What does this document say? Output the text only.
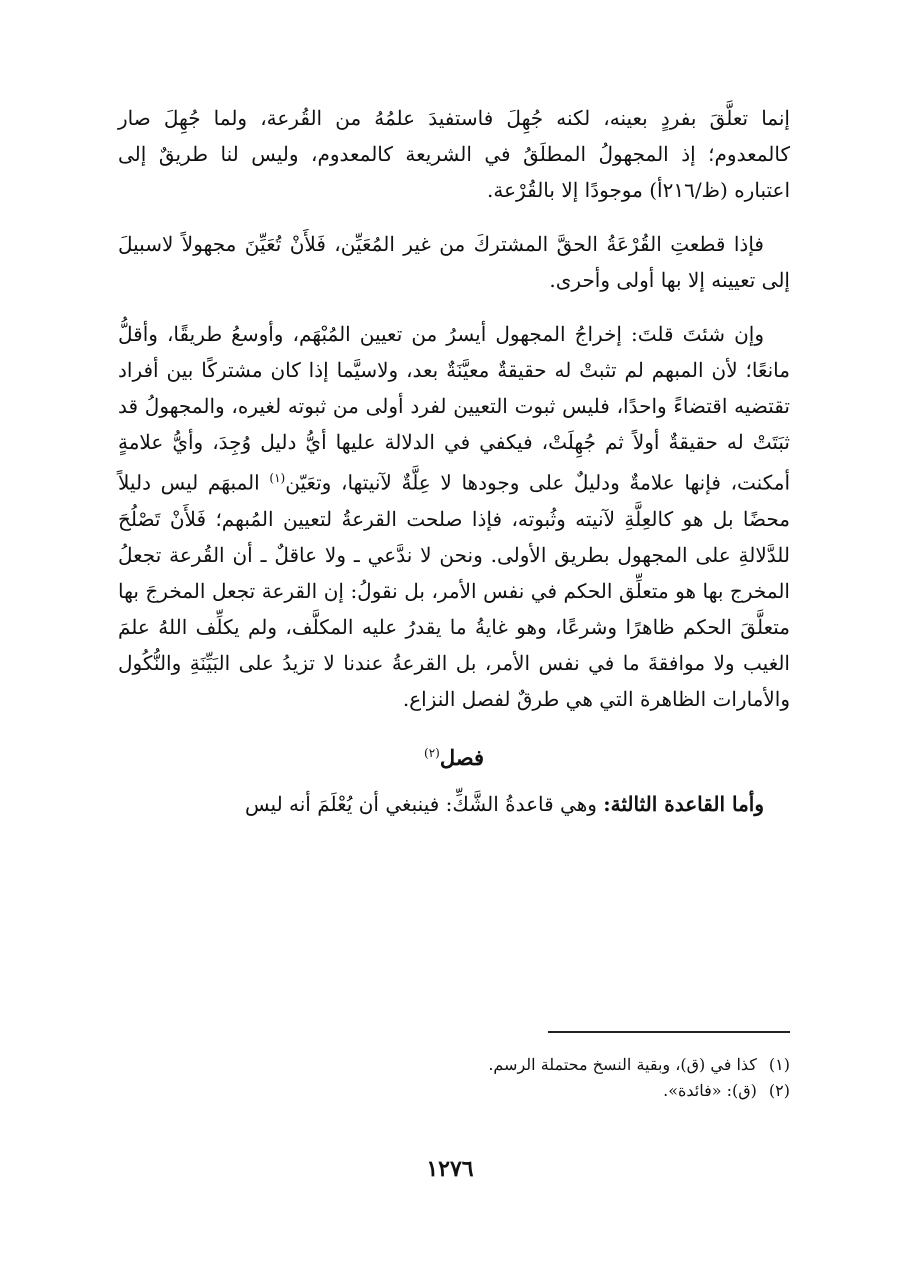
إنما تعلَّقَ بفردٍ بعينه، لكنه جُهِلَ فاستفيدَ علمُهُ من القُرعة، ولما جُهِلَ صار كالمعدوم؛ إذ المجهولُ المطلَقُ في الشريعة كالمعدوم، وليس لنا طريقٌ إلى اعتباره (ظ/٢١٦أ) موجودًا إلا بالقُرْعة.

فإذا قطعتِ القُرْعَةُ الحقَّ المشتركَ من غير المُعَيِّن، فَلأَنْ تُعَيِّنَ مجهولاً لاسبيلَ إلى تعيينه إلا بها أولى وأحرى.

وإن شئتَ قلتَ: إخراجُ المجهول أيسرُ من تعيين المُبْهَم، وأوسعُ طريقًا، وأقلُّ مانعًا؛ لأن المبهم لم تثبتْ له حقيقةٌ معيَّنَةٌ بعد، ولاسيَّما إذا كان مشتركًا بين أفراد تقتضيه اقتضاءً واحدًا، فليس ثبوت التعيين لفرد أولى من ثبوته لغيره، والمجهولُ قد ثبَتَتْ له حقيقةٌ أولاً ثم جُهِلَتْ، فيكفي في الدلالة عليها أيُّ دليل وُجِدَ، وأيُّ علامةٍ أمكنت، فإنها علامةٌ ودليلٌ على وجودها لا عِلَّةٌ لآنيتها، وتعَيّن$^{(١)}$ المبهَم ليس دليلاً محضًا بل هو كالعِلَّةِ لآنيته وثُبوته، فإذا صلحت القرعةُ لتعيين المُبهم؛ فَلأَنْ تَصْلُحَ للدَّلالةِ على المجهول بطريق الأولى. ونحن لا ندَّعي ـ ولا عاقلٌ ـ أن القُرعة تجعلُ المخرج بها هو متعلِّق الحكم في نفس الأمر، بل نقولُ: إن القرعة تجعل المخرجَ بها متعلَّقَ الحكم ظاهرًا وشرعًا، وهو غايةُ ما يقدرُ عليه المكلَّف، ولم يكلِّف اللهُ علمَ الغيب ولا موافقةَ ما في نفس الأمر، بل القرعةُ عندنا لا تزيدُ على البَيِّنَةِ والنُّكُول والأمارات الظاهرة التي هي طرقٌ لفصل النزاع.

فصل$^{(٢)}$

وأما القاعدة الثالثة: وهي قاعدةُ الشَّكِّ: فينبغي أن يُعْلَمَ أنه ليس

(١)كذا في (ق)، وبقية النسخ محتملة الرسم.

(٢)(ق): «فائدة».

١٢٧٦
